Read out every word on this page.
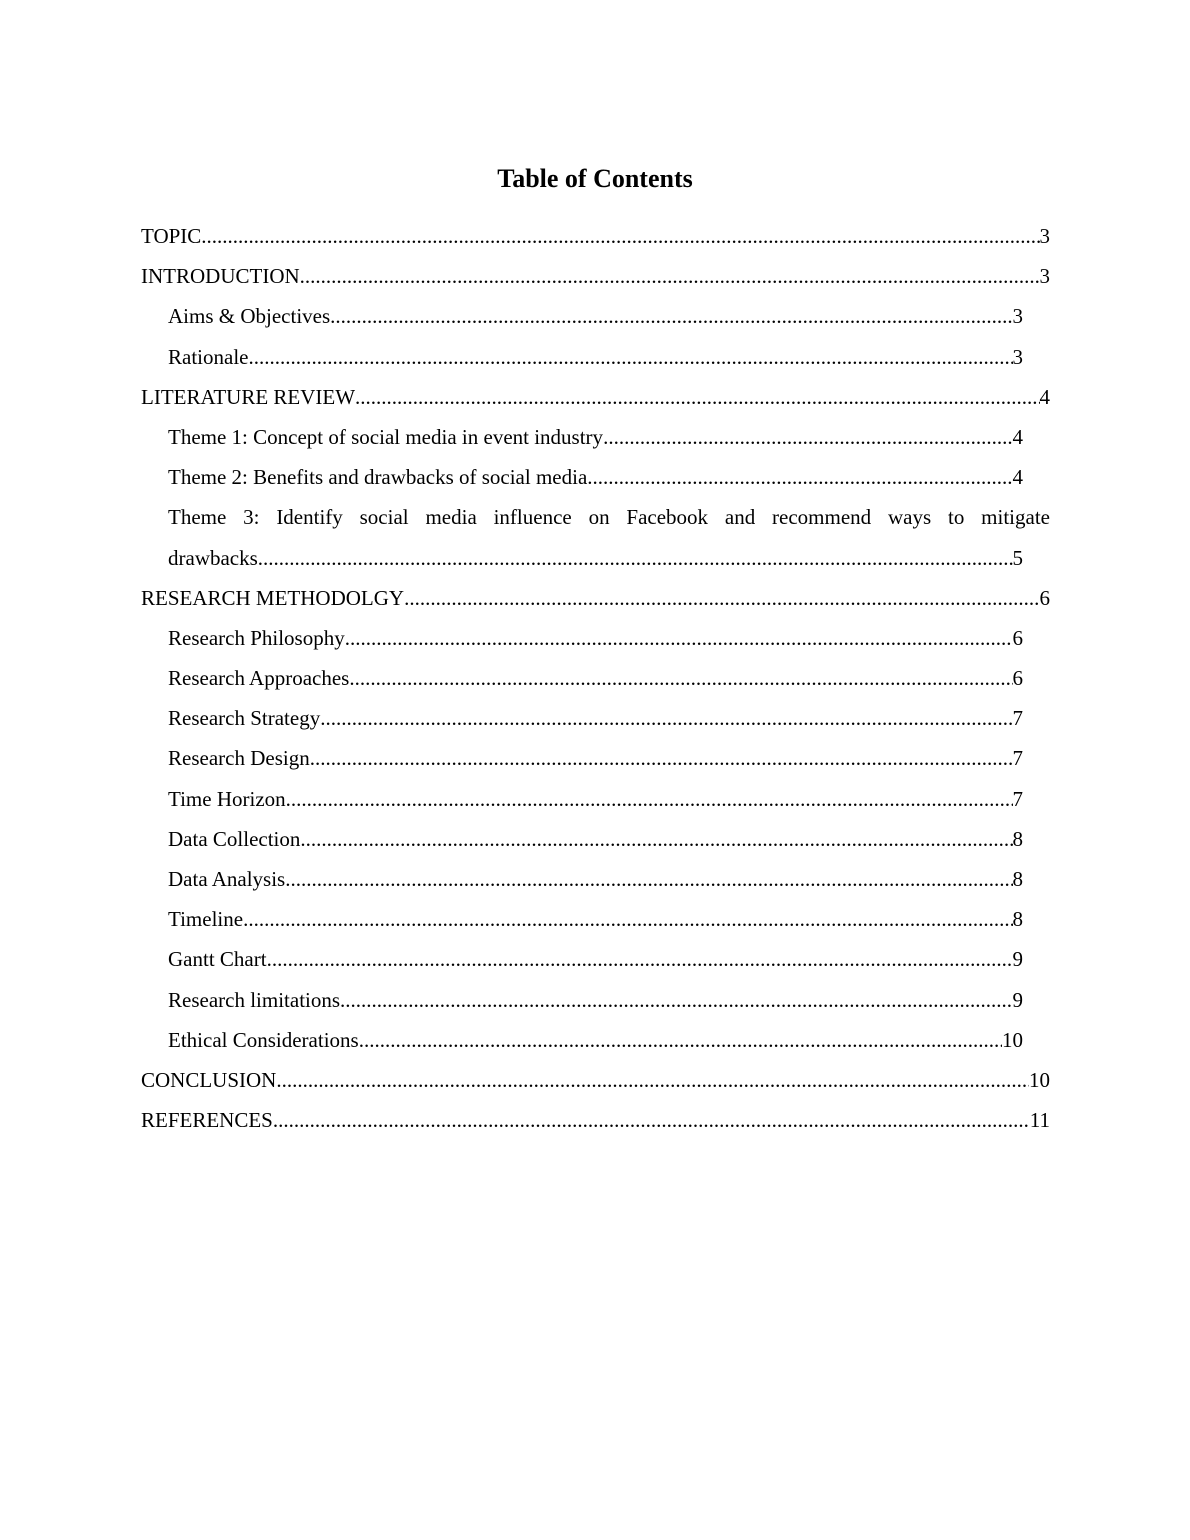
Table of Contents
TOPIC .....	3
INTRODUCTION .....	3
Aims & Objectives .....	3
Rationale .....	3
LITERATURE REVIEW .....	4
Theme 1: Concept of social media in event industry .....	4
Theme 2: Benefits and drawbacks of social media .....	4
Theme 3: Identify social media influence on Facebook and recommend ways to mitigate
drawbacks .....	5
RESEARCH METHODOLGY .....	6
Research Philosophy .....	6
Research Approaches .....	6
Research Strategy .....	7
Research Design .....	7
Time Horizon .....	7
Data Collection .....	8
Data Analysis .....	8
Timeline .....	8
Gantt Chart .....	9
Research limitations .....	9
Ethical Considerations .....	10
CONCLUSION .....	10
REFERENCES .....	11
